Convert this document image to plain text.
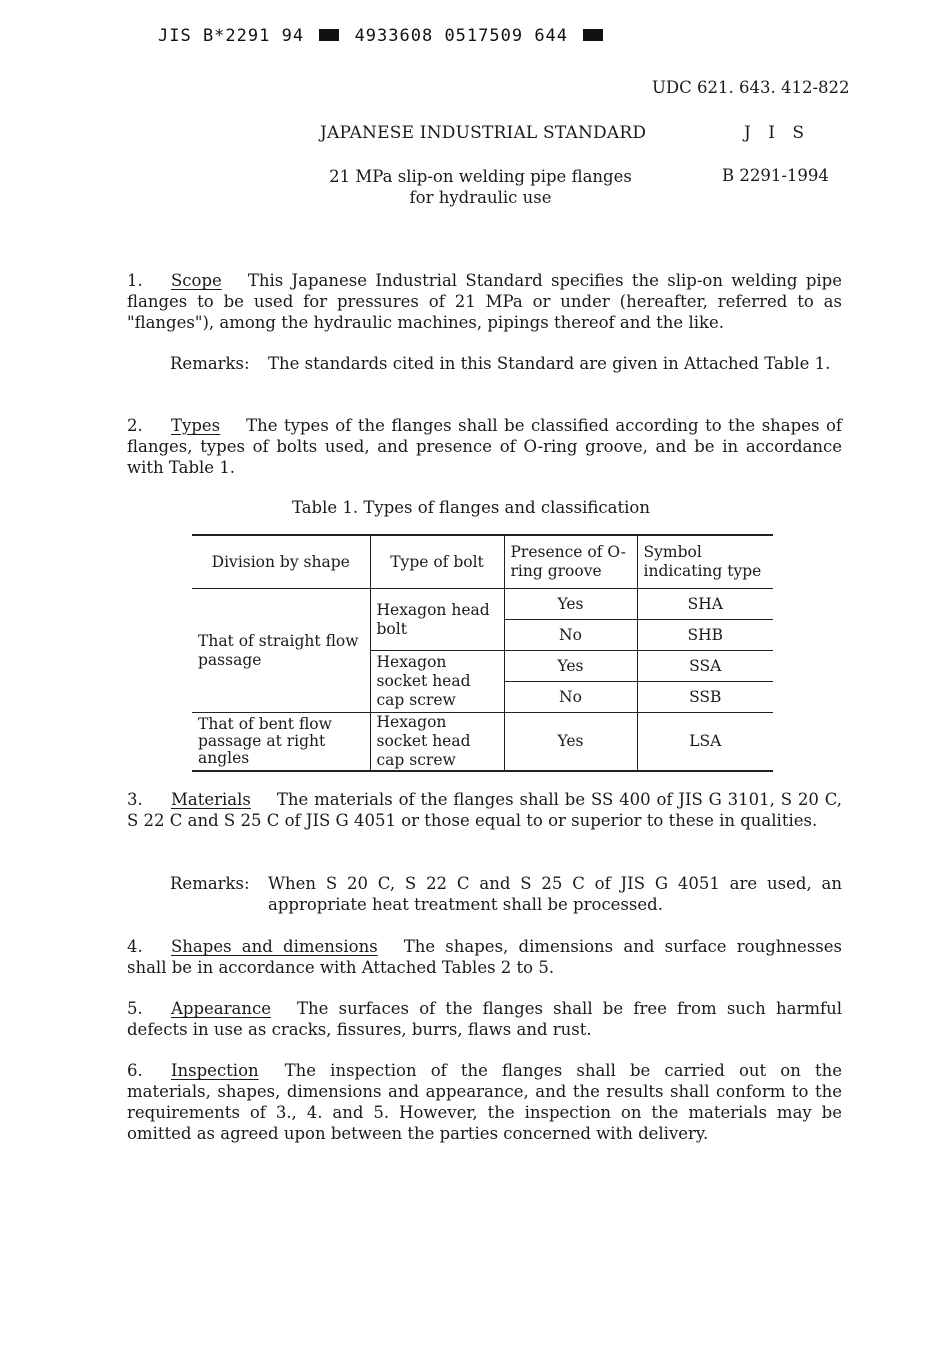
JIS B*2291 94	4933608 0517509 644
UDC 621. 643. 412-822
JAPANESE INDUSTRIAL STANDARD	J I S
21 MPa slip-on welding pipe flanges
for hydraulic use
B 2291-1994
1. Scope This Japanese Industrial Standard specifies the slip-on welding pipe flanges to be used for pressures of 21 MPa or under (hereafter, referred to as "flanges"), among the hydraulic machines, pipings thereof and the like.
Remarks: The standards cited in this Standard are given in Attached Table 1.
2. Types The types of the flanges shall be classified according to the shapes of flanges, types of bolts used, and presence of O-ring groove, and be in accordance with Table 1.
Table 1. Types of flanges and classification
Division by shape	Type of bolt	Presence of O-ring groove	Symbol indicating type
That of straight flow passage	Hexagon head bolt	Yes	SHA
		No	SHB
	Hexagon socket head cap screw	Yes	SSA
		No	SSB
That of bent flow passage at right angles	Hexagon socket head cap screw	Yes	LSA
3. Materials The materials of the flanges shall be SS 400 of JIS G 3101, S 20 C, S 22 C and S 25 C of JIS G 4051 or those equal to or superior to these in qualities.
Remarks: When S 20 C, S 22 C and S 25 C of JIS G 4051 are used, an appropriate heat treatment shall be processed.
4. Shapes and dimensions The shapes, dimensions and surface roughnesses shall be in accordance with Attached Tables 2 to 5.
5. Appearance The surfaces of the flanges shall be free from such harmful defects in use as cracks, fissures, burrs, flaws and rust.
6. Inspection The inspection of the flanges shall be carried out on the materials, shapes, dimensions and appearance, and the results shall conform to the requirements of 3., 4. and 5. However, the inspection on the materials may be omitted as agreed upon between the parties concerned with delivery.
